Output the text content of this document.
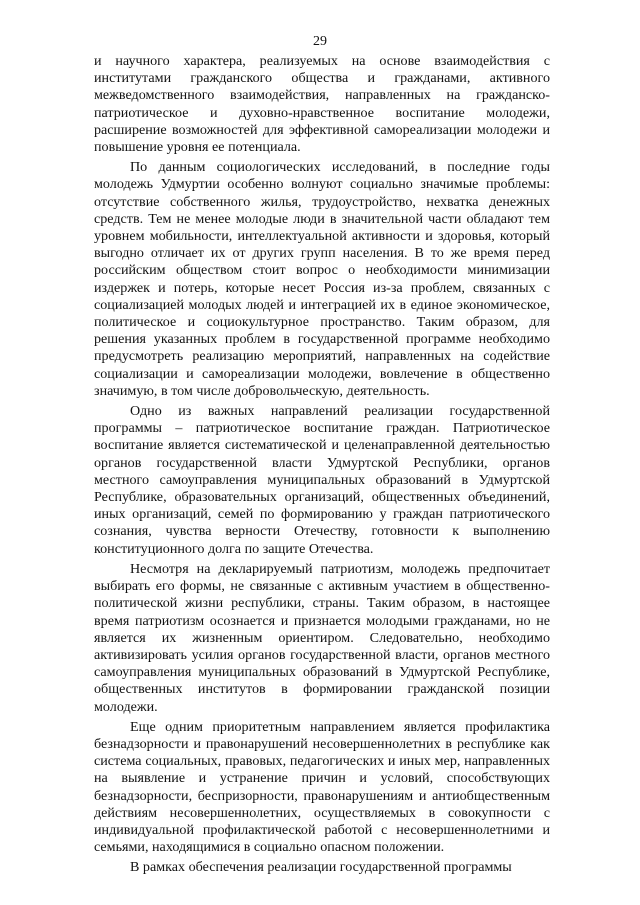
29

и научного характера, реализуемых на основе взаимодействия с институтами гражданского общества и гражданами, активного межведомственного взаимодействия, направленных на гражданско-патриотическое и духовно-нравственное воспитание молодежи, расширение возможностей для эффективной самореализации молодежи и повышение уровня ее потенциала.

По данным социологических исследований, в последние годы молодежь Удмуртии особенно волнуют социально значимые проблемы: отсутствие собственного жилья, трудоустройство, нехватка денежных средств. Тем не менее молодые люди в значительной части обладают тем уровнем мобильности, интеллектуальной активности и здоровья, который выгодно отличает их от других групп населения. В то же время перед российским обществом стоит вопрос о необходимости минимизации издержек и потерь, которые несет Россия из-за проблем, связанных с социализацией молодых людей и интеграцией их в единое экономическое, политическое и социокультурное пространство. Таким образом, для решения указанных проблем в государственной программе необходимо предусмотреть реализацию мероприятий, направленных на содействие социализации и самореализации молодежи, вовлечение в общественно значимую, в том числе добровольческую, деятельность.

Одно из важных направлений реализации государственной программы – патриотическое воспитание граждан. Патриотическое воспитание является систематической и целенаправленной деятельностью органов государственной власти Удмуртской Республики, органов местного самоуправления муниципальных образований в Удмуртской Республике, образовательных организаций, общественных объединений, иных организаций, семей по формированию у граждан патриотического сознания, чувства верности Отечеству, готовности к выполнению конституционного долга по защите Отечества.

Несмотря на декларируемый патриотизм, молодежь предпочитает выбирать его формы, не связанные с активным участием в общественно-политической жизни республики, страны. Таким образом, в настоящее время патриотизм осознается и признается молодыми гражданами, но не является их жизненным ориентиром. Следовательно, необходимо активизировать усилия органов государственной власти, органов местного самоуправления муниципальных образований в Удмуртской Республике, общественных институтов в формировании гражданской позиции молодежи.

Еще одним приоритетным направлением является профилактика безнадзорности и правонарушений несовершеннолетних в республике как система социальных, правовых, педагогических и иных мер, направленных на выявление и устранение причин и условий, способствующих безнадзорности, беспризорности, правонарушениям и антиобщественным действиям несовершеннолетних, осуществляемых в совокупности с индивидуальной профилактической работой с несовершеннолетними и семьями, находящимися в социально опасном положении.

В рамках обеспечения реализации государственной программы
